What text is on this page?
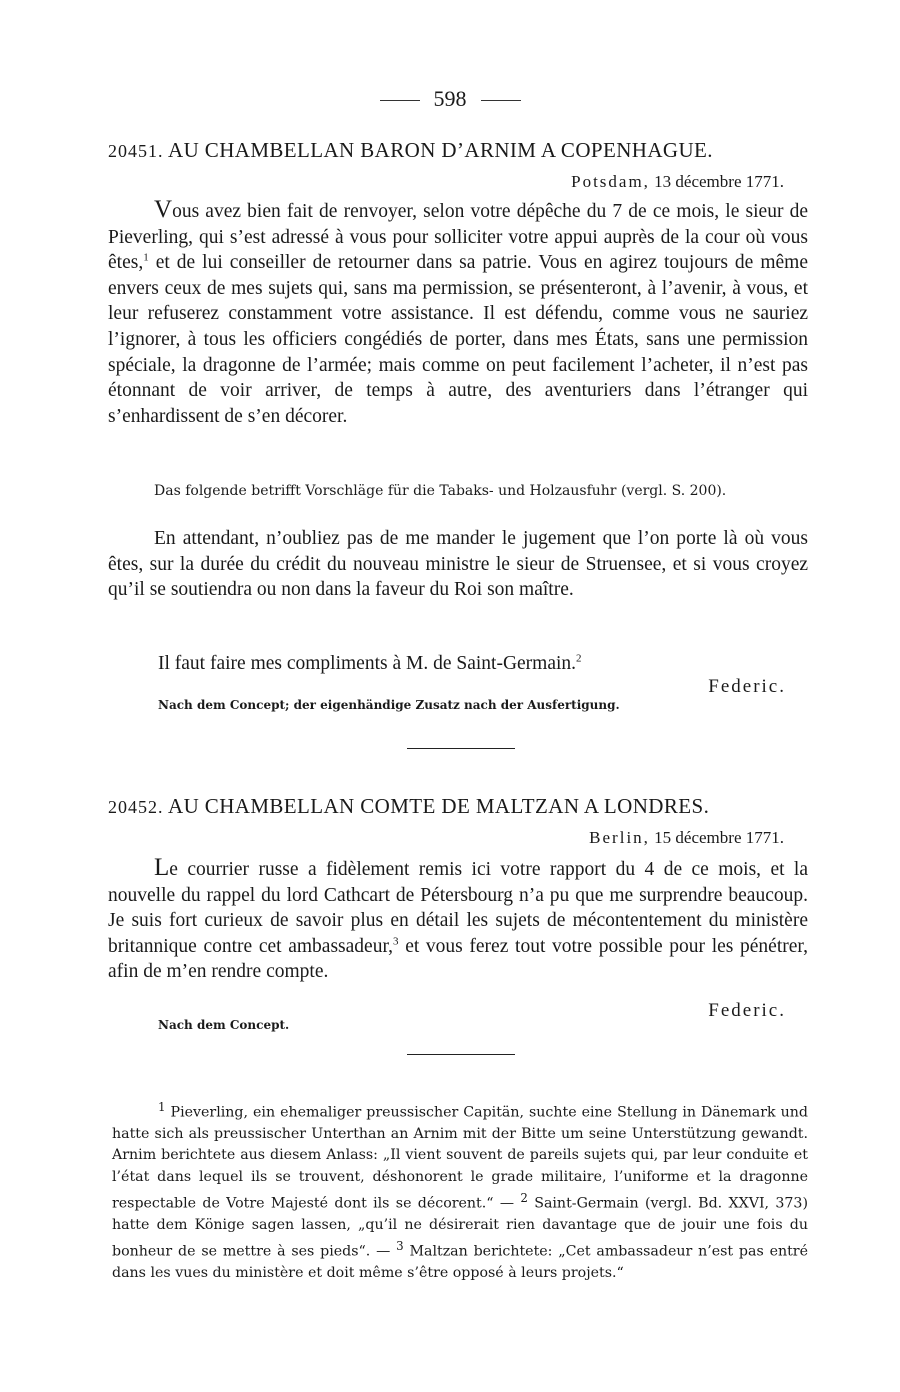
598
20451. AU CHAMBELLAN BARON D’ARNIM A COPENHAGUE.
Potsdam, 13 décembre 1771.

Vous avez bien fait de renvoyer, selon votre dépêche du 7 de ce mois, le sieur de Pieverling, qui s’est adressé à vous pour solliciter votre appui auprès de la cour où vous êtes,$^1$ et de lui conseiller de retourner dans sa patrie. Vous en agirez toujours de même envers ceux de mes sujets qui, sans ma permission, se présenteront, à l’avenir, à vous, et leur refuserez constamment votre assistance. Il est défendu, comme vous ne sauriez l’ignorer, à tous les officiers congédiés de porter, dans mes États, sans une permission spéciale, la dragonne de l’armée; mais comme on peut facilement l’acheter, il n’est pas étonnant de voir arriver, de temps à autre, des aventuriers dans l’étranger qui s’enhardissent de s’en décorer.

Das folgende betrifft Vorschläge für die Tabaks- und Holzausfuhr (vergl. S. 200).

En attendant, n’oubliez pas de me mander le jugement que l’on porte là où vous êtes, sur la durée du crédit du nouveau ministre le sieur de Struensee, et si vous croyez qu’il se soutiendra ou non dans la faveur du Roi son maître.

Il faut faire mes compliments à M. de Saint-Germain.$^2$

Federic.
Nach dem Concept; der eigenhändige Zusatz nach der Ausfertigung.
20452. AU CHAMBELLAN COMTE DE MALTZAN A LONDRES.
Berlin, 15 décembre 1771.

Le courrier russe a fidèlement remis ici votre rapport du 4 de ce mois, et la nouvelle du rappel du lord Cathcart de Pétersbourg n’a pu que me surprendre beaucoup. Je suis fort curieux de savoir plus en détail les sujets de mécontentement du ministère britannique contre cet ambassadeur,$^3$ et vous ferez tout votre possible pour les pénétrer, afin de m’en rendre compte.

Federic.
Nach dem Concept.

$^1$ Pieverling, ein ehemaliger preussischer Capitän, suchte eine Stellung in Dänemark und hatte sich als preussischer Unterthan an Arnim mit der Bitte um seine Unterstützung gewandt. Arnim berichtete aus diesem Anlass: „Il vient souvent de pareils sujets qui, par leur conduite et l’état dans lequel ils se trouvent, déshonorent le grade militaire, l’uniforme et la dragonne respectable de Votre Majesté dont ils se décorent.“ — $^2$ Saint-Germain (vergl. Bd. XXVI, 373) hatte dem Könige sagen lassen, „qu’il ne désirerait rien davantage que de jouir une fois du bonheur de se mettre à ses pieds“. — $^3$ Maltzan berichtete: „Cet ambassadeur n’est pas entré dans les vues du ministère et doit même s’être opposé à leurs projets.“
